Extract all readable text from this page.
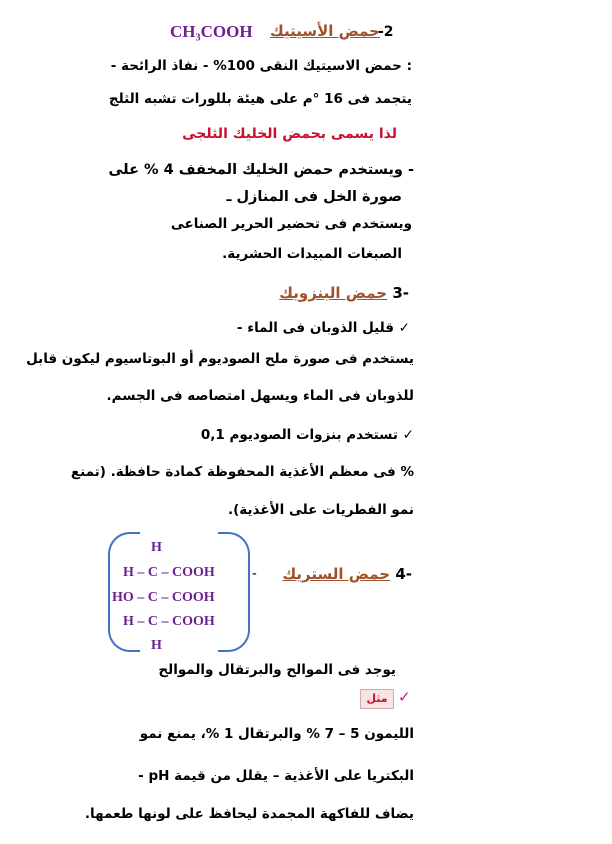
CH₃COOH حمض الأسيتيك
-2
: حمض الاسيتيك النقى 100% - نفاذ الرائحة -
يتجمد فى 16 °م على هيئة بللورات تشبه الثلج
لذا يسمى بحمض الخليك الثلجى
- ويستخدم حمض الخليك المخفف 4 % على
صورة الخل فى المنازل ـ
ويستخدم فى تحضير الحرير الصناعى
الصبغات المبيدات الحشرية.
-3 حمض البنزويك
✓ قليل الذوبان فى الماء -
يستخدم فى صورة ملح الصوديوم أو البوتاسيوم ليكون قابل
للذوبان فى الماء ويسهل امتصاصه فى الجسم.
✓ تستخدم بنزوات الصوديوم 0,1
% فى معظم الأغذية المحفوظة كمادة حافظة. (تمنع
نمو الفطريات على الأغذية).
H
H – C – COOH
HO – C – COOH
H – C – COOH
H
-	-4 حمض الستريك
يوجد فى الموالح والبرتقال والموالح
✓
مثل
الليمون 5 – 7 % والبرتقال 1 %، يمنع نمو
البكتريا على الأغذية – يقلل من قيمة pH -
يضاف للفاكهة المجمدة ليحافظ على لونها طعمها.
